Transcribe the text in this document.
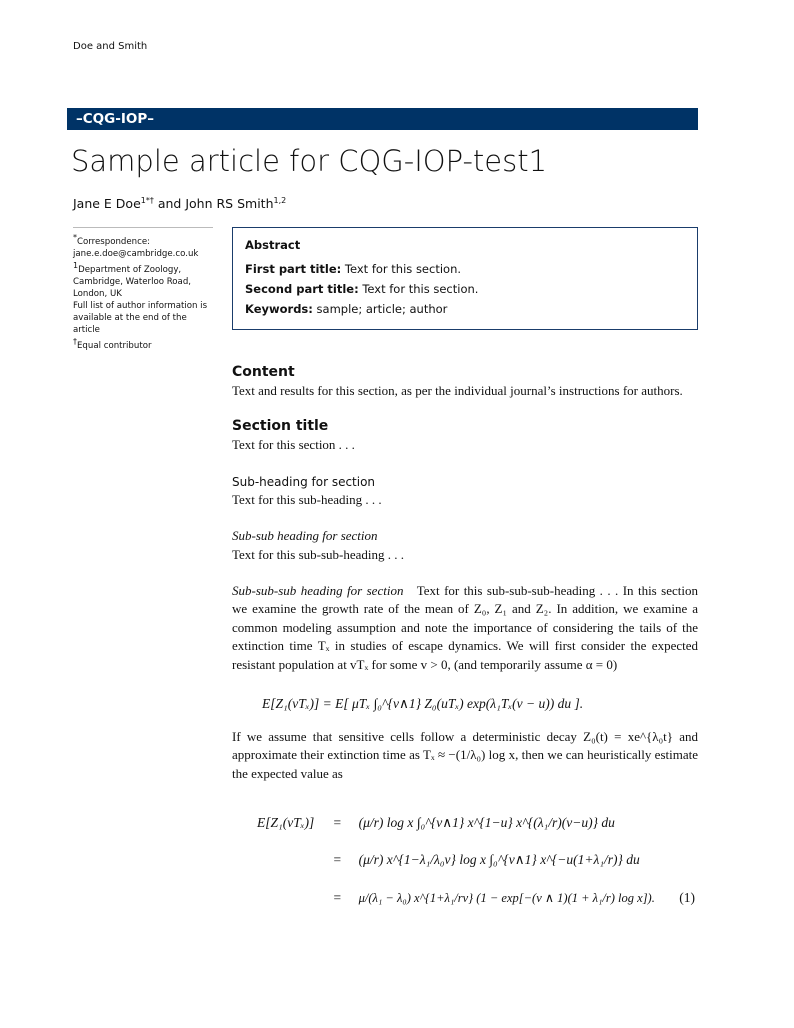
Doe and Smith
–CQG-IOP–
Sample article for CQG-IOP-test1
Jane E Doe$^{1*\dagger}$ and John RS Smith$^{1,2}$
*Correspondence:
jane.e.doe@cambridge.co.uk
$^1$Department of Zoology, Cambridge, Waterloo Road, London, UK
Full list of author information is available at the end of the article
†Equal contributor
Abstract
First part title: Text for this section.
Second part title: Text for this section.
Keywords: sample; article; author
Content

Text and results for this section, as per the individual journal’s instructions for authors.

Section title

Text for this section . . .

Sub-heading for section

Text for this sub-heading . . .

Sub-sub heading for section

Text for this sub-sub-heading . . .

Sub-sub-sub heading for section Text for this sub-sub-sub-heading . . . In this section we examine the growth rate of the mean of Z₀, Z₁ and Z₂. In addition, we examine a common modeling assumption and note the importance of considering the tails of the extinction time Tₓ in studies of escape dynamics. We will first consider the expected resistant population at vTₓ for some v > 0, (and temporarily assume α = 0)

E[Z₁(vTₓ)] = E[ μTₓ ∫₀^{v∧1} Z₀(uTₓ) exp(λ₁Tₓ(v − u)) du ].

If we assume that sensitive cells follow a deterministic decay Z₀(t) = xe^{λ₀t} and approximate their extinction time as Tₓ ≈ −(1/λ₀) log x, then we can heuristically estimate the expected value as

E[Z₁(vTₓ)]	=	(μ/r) log x ∫₀^{v∧1} x^{1−u} x^{(λ₁/r)(v−u)} du	
	=	(μ/r) x^{1−λ₁/λ₀v} log x ∫₀^{v∧1} x^{−u(1+λ₁/r)} du	
	=	μ/(λ₁ − λ₀) x^{1+λ₁/rv} (1 − exp[−(v ∧ 1)(1 + λ₁/r) log x]).	(1)
